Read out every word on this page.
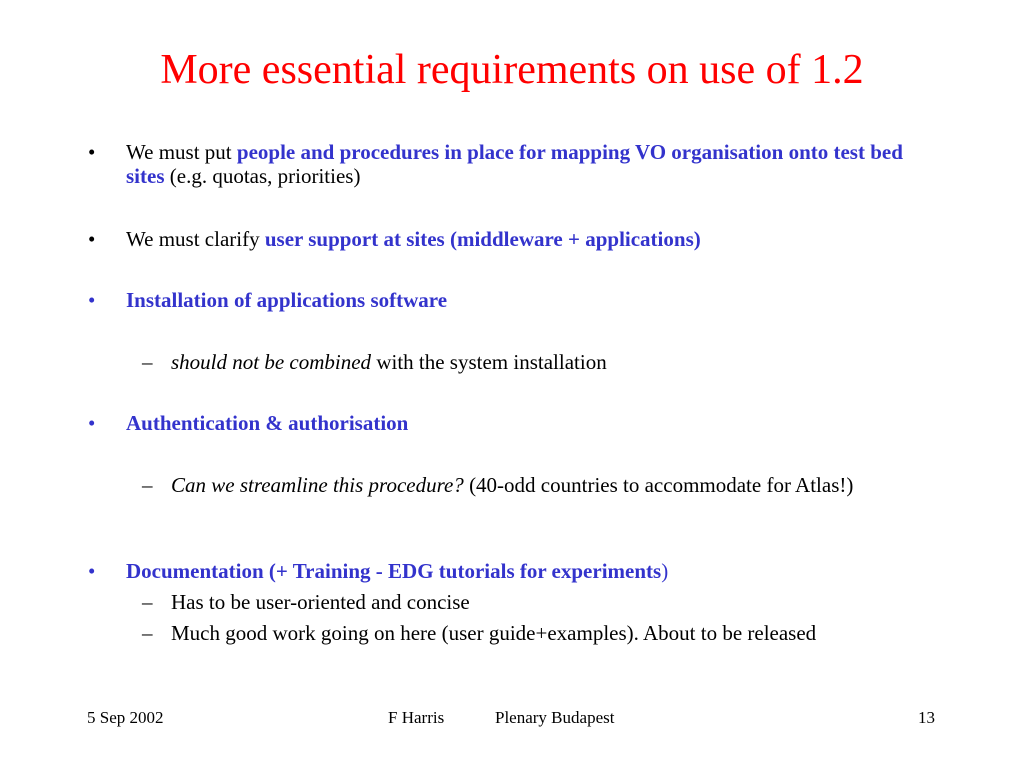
More essential requirements on use of 1.2
•	We must put people and procedures in place for mapping VO organisation onto test bed sites (e.g. quotas, priorities)
•	We must clarify user support at sites (middleware + applications)
•	Installation of applications software
– should not be combined with the system installation
•	Authentication & authorisation
– Can we streamline this procedure? (40-odd countries to accommodate for Atlas!)
•	Documentation (+ Training - EDG tutorials for experiments)
– Has to be user-oriented and concise
– Much good work going on here (user guide+examples). About to be released
5 Sep 2002	F Harris	Plenary Budapest	13
